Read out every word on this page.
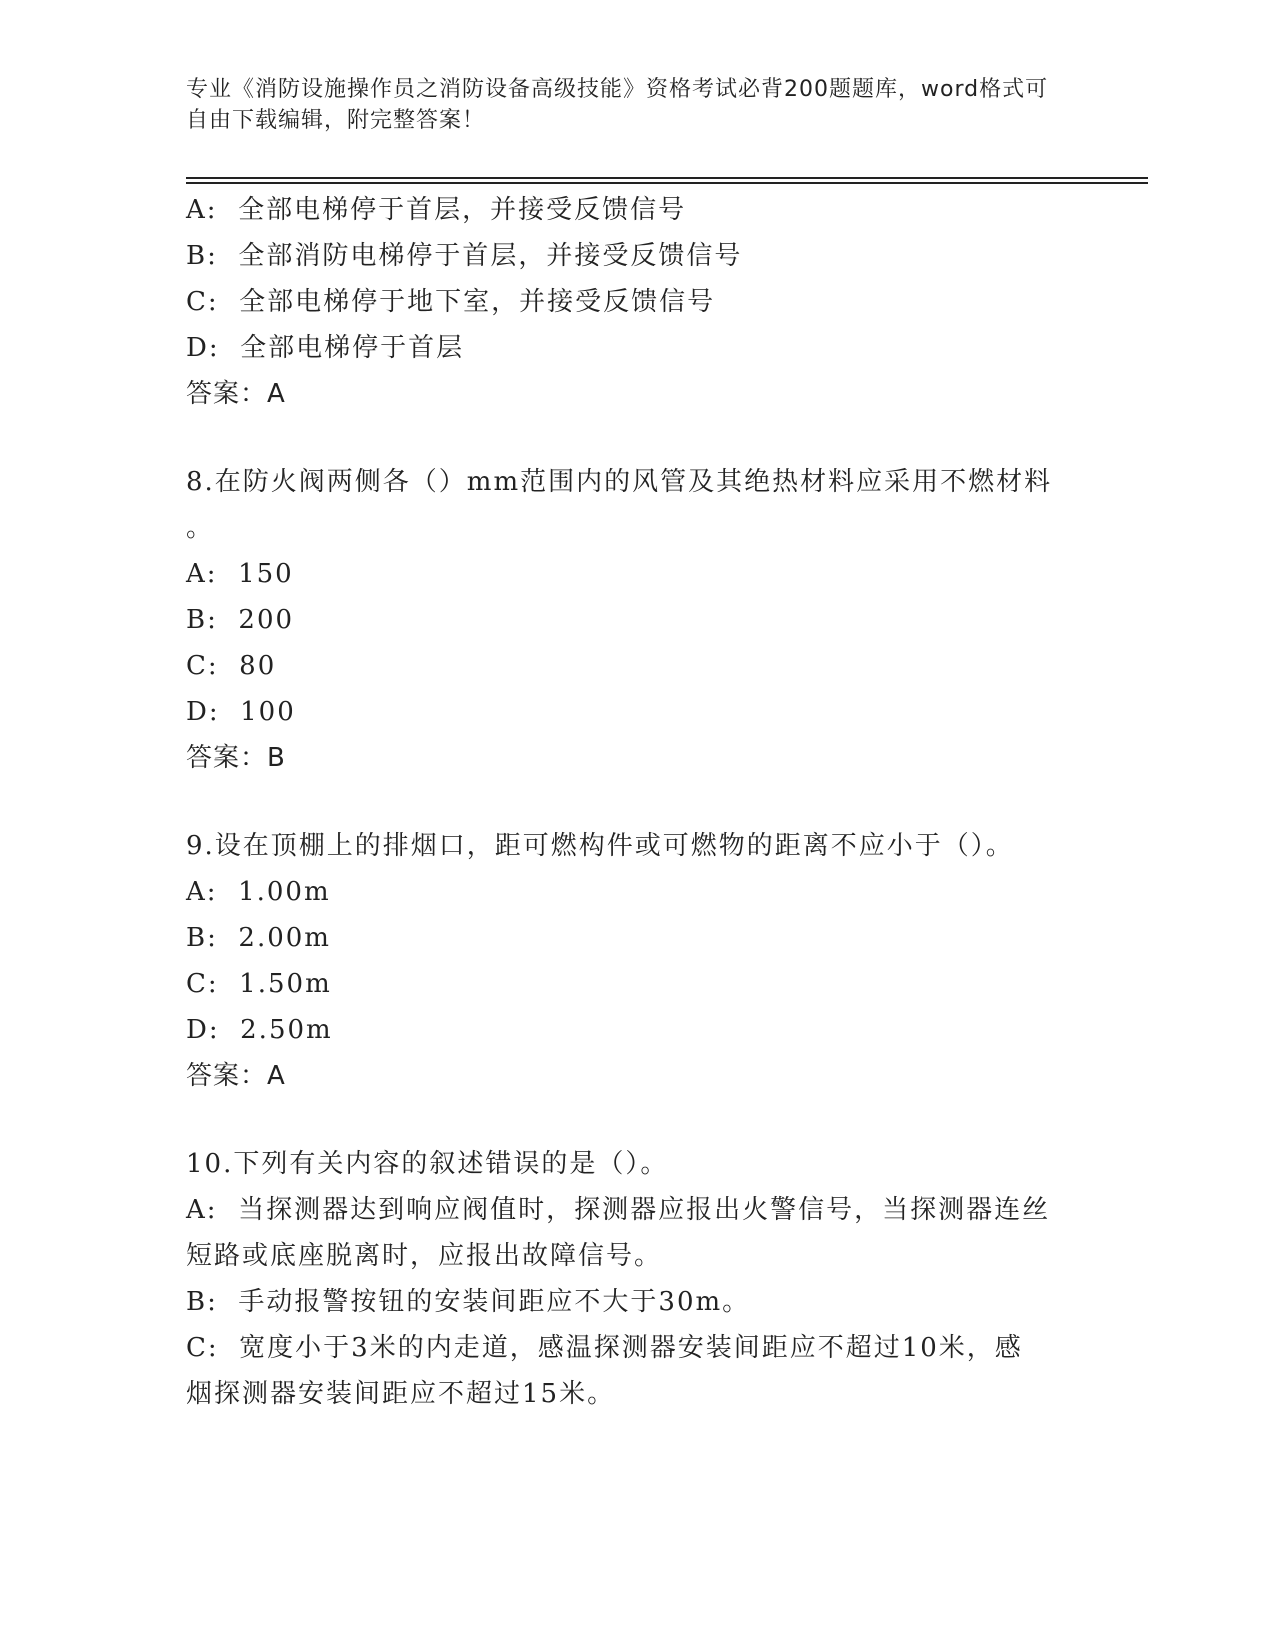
专业《消防设施操作员之消防设备高级技能》资格考试必背200题题库，word格式可自由下载编辑，附完整答案！
A:  全部电梯停于首层，并接受反馈信号
B:  全部消防电梯停于首层，并接受反馈信号
C:  全部电梯停于地下室，并接受反馈信号
D:  全部电梯停于首层
答案：A
8.在防火阀两侧各（）mm范围内的风管及其绝热材料应采用不燃材料
。
A:  150
B:  200
C:  80
D:  100
答案：B
9.设在顶棚上的排烟口，距可燃构件或可燃物的距离不应小于（）。
A:  1.00m
B:  2.00m
C:  1.50m
D:  2.50m
答案：A
10.下列有关内容的叙述错误的是（）。
A:  当探测器达到响应阀值时，探测器应报出火警信号，当探测器连丝
短路或底座脱离时，应报出故障信号。
B:  手动报警按钮的安装间距应不大于30m。
C:  宽度小于3米的内走道，感温探测器安装间距应不超过10米，感
烟探测器安装间距应不超过15米。
